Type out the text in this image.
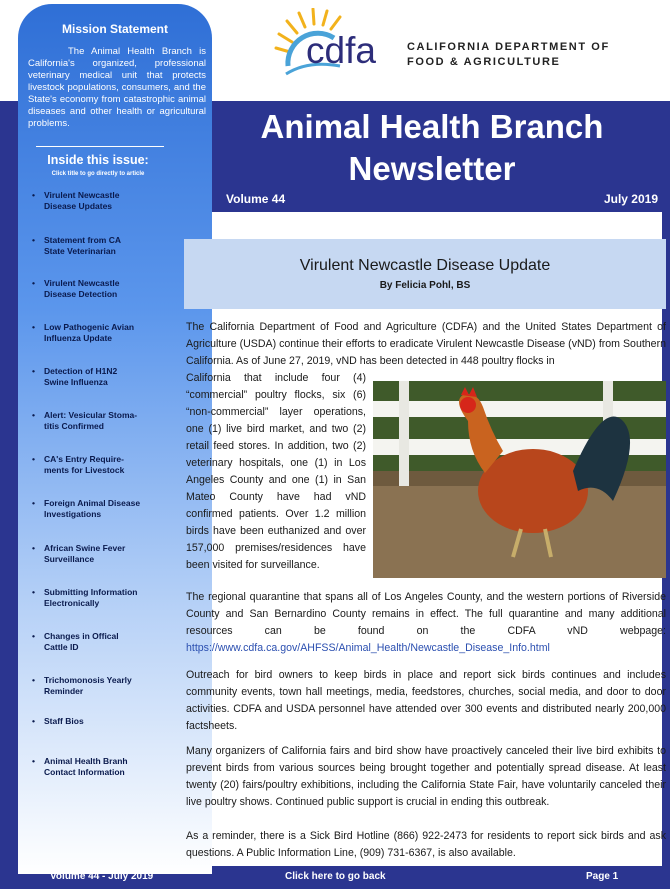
cdfa	CALIFORNIA DEPARTMENT OF
FOOD & AGRICULTURE
Animal Health Branch
Newsletter
Volume 44	July 2019
Mission Statement
The Animal Health Branch is California's organized, professional veterinary medical unit that protects livestock populations, consumers, and the State's economy from catastrophic animal diseases and other health or agricultural problems.
Inside this issue:
Click title to go directly to article
• Virulent Newcastle
Disease Updates
• Statement from CA
State Veterinarian
• Virulent Newcastle
Disease Detection
• Low Pathogenic Avian
Influenza Update
• Detection of H1N2
Swine Influenza
• Alert: Vesicular Stoma-
titis Confirmed
• CA's Entry Require-
ments for Livestock
• Foreign Animal Disease
Investigations
• African Swine Fever
Surveillance
• Submitting Information
Electronically
• Changes in Offical
Cattle ID
• Trichomonosis Yearly
Reminder
• Staff Bios
• Animal Health Branh
Contact Information
Virulent Newcastle Disease Update
By Felicia Pohl, BS
The California Department of Food and Agriculture (CDFA) and the United States Department of Agriculture (USDA) continue their efforts to eradicate Virulent Newcastle Disease (vND) from Southern California. As of June 27, 2019, vND has been detected in 448 poultry flocks in
California that include four (4) “commercial” poultry flocks, six (6) “non-commercial” layer operations, one (1) live bird market, and two (2) retail feed stores. In addition, two (2) veterinary hospitals, one (1) in Los Angeles County and one (1) in San Mateo County have had vND confirmed patients. Over 1.2 million birds have been euthanized and over 157,000 premises/residences have been visited for surveillance.
The regional quarantine that spans all of Los Angeles County, and the western portions of Riverside County and San Bernardino County remains in effect. The full quarantine and many additional resources can be found on the CDFA vND webpage: https://www.cdfa.ca.gov/AHFSS/Animal_Health/Newcastle_Disease_Info.html
Outreach for bird owners to keep birds in place and report sick birds continues and includes community events, town hall meetings, media, feedstores, churches, social media, and door to door activities. CDFA and USDA personnel have attended over 300 events and distributed nearly 200,000 factsheets.
Many organizers of California fairs and bird show have proactively canceled their live bird exhibits to prevent birds from various sources being brought together and potentially spread disease. At least twenty (20) fairs/poultry exhibitions, including the California State Fair, have voluntarily canceled their live poultry shows. Continued public support is crucial in ending this outbreak.
As a reminder, there is a Sick Bird Hotline (866) 922-2473 for residents to report sick birds and ask questions. A Public Information Line, (909) 731-6367, is also available.
Volume 44 - July 2019	Click here to go back	Page 1
